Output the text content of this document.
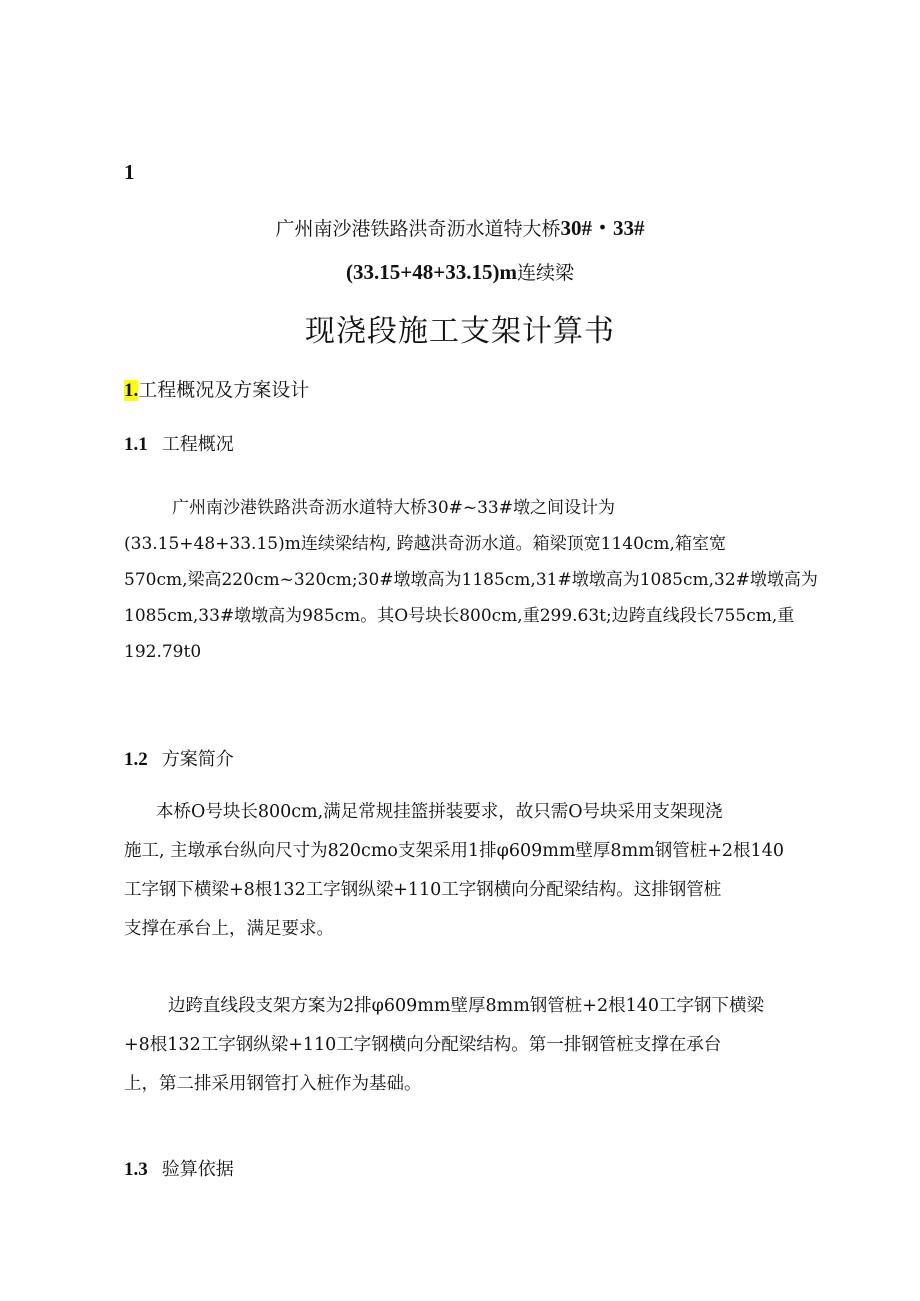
1
广州南沙港铁路洪奇沥水道特大桥30#・33#
(33.15+48+33.15)m连续梁
现浇段施工支架计算书
1.工程概况及方案设计
1.1 工程概况
广州南沙港铁路洪奇沥水道特大桥30#~33#墩之间设计为
(33.15+48+33.15)m连续梁结构, 跨越洪奇沥水道。箱梁顶宽1140cm,箱室宽
570cm,梁高220cm~320cm;30#墩墩高为1185cm,31#墩墩高为1085cm,32#墩墩高为
1085cm,33#墩墩高为985cm。其O号块长800cm,重299.63t;边跨直线段长755cm,重
192.79t0
1.2 方案简介
本桥O号块长800cm,满足常规挂篮拼装要求，故只需O号块采用支架现浇
施工, 主墩承台纵向尺寸为820cmo支架采用1排φ609mm壁厚8mm钢管桩+2根140
工字钢下横梁+8根132工字钢纵梁+110工字钢横向分配梁结构。这排钢管桩
支撑在承台上，满足要求。
边跨直线段支架方案为2排φ609mm壁厚8mm钢管桩+2根140工字钢下横梁
+8根132工字钢纵梁+110工字钢横向分配梁结构。第一排钢管桩支撑在承台
上，第二排采用钢管打入桩作为基础。
1.3 验算依据
